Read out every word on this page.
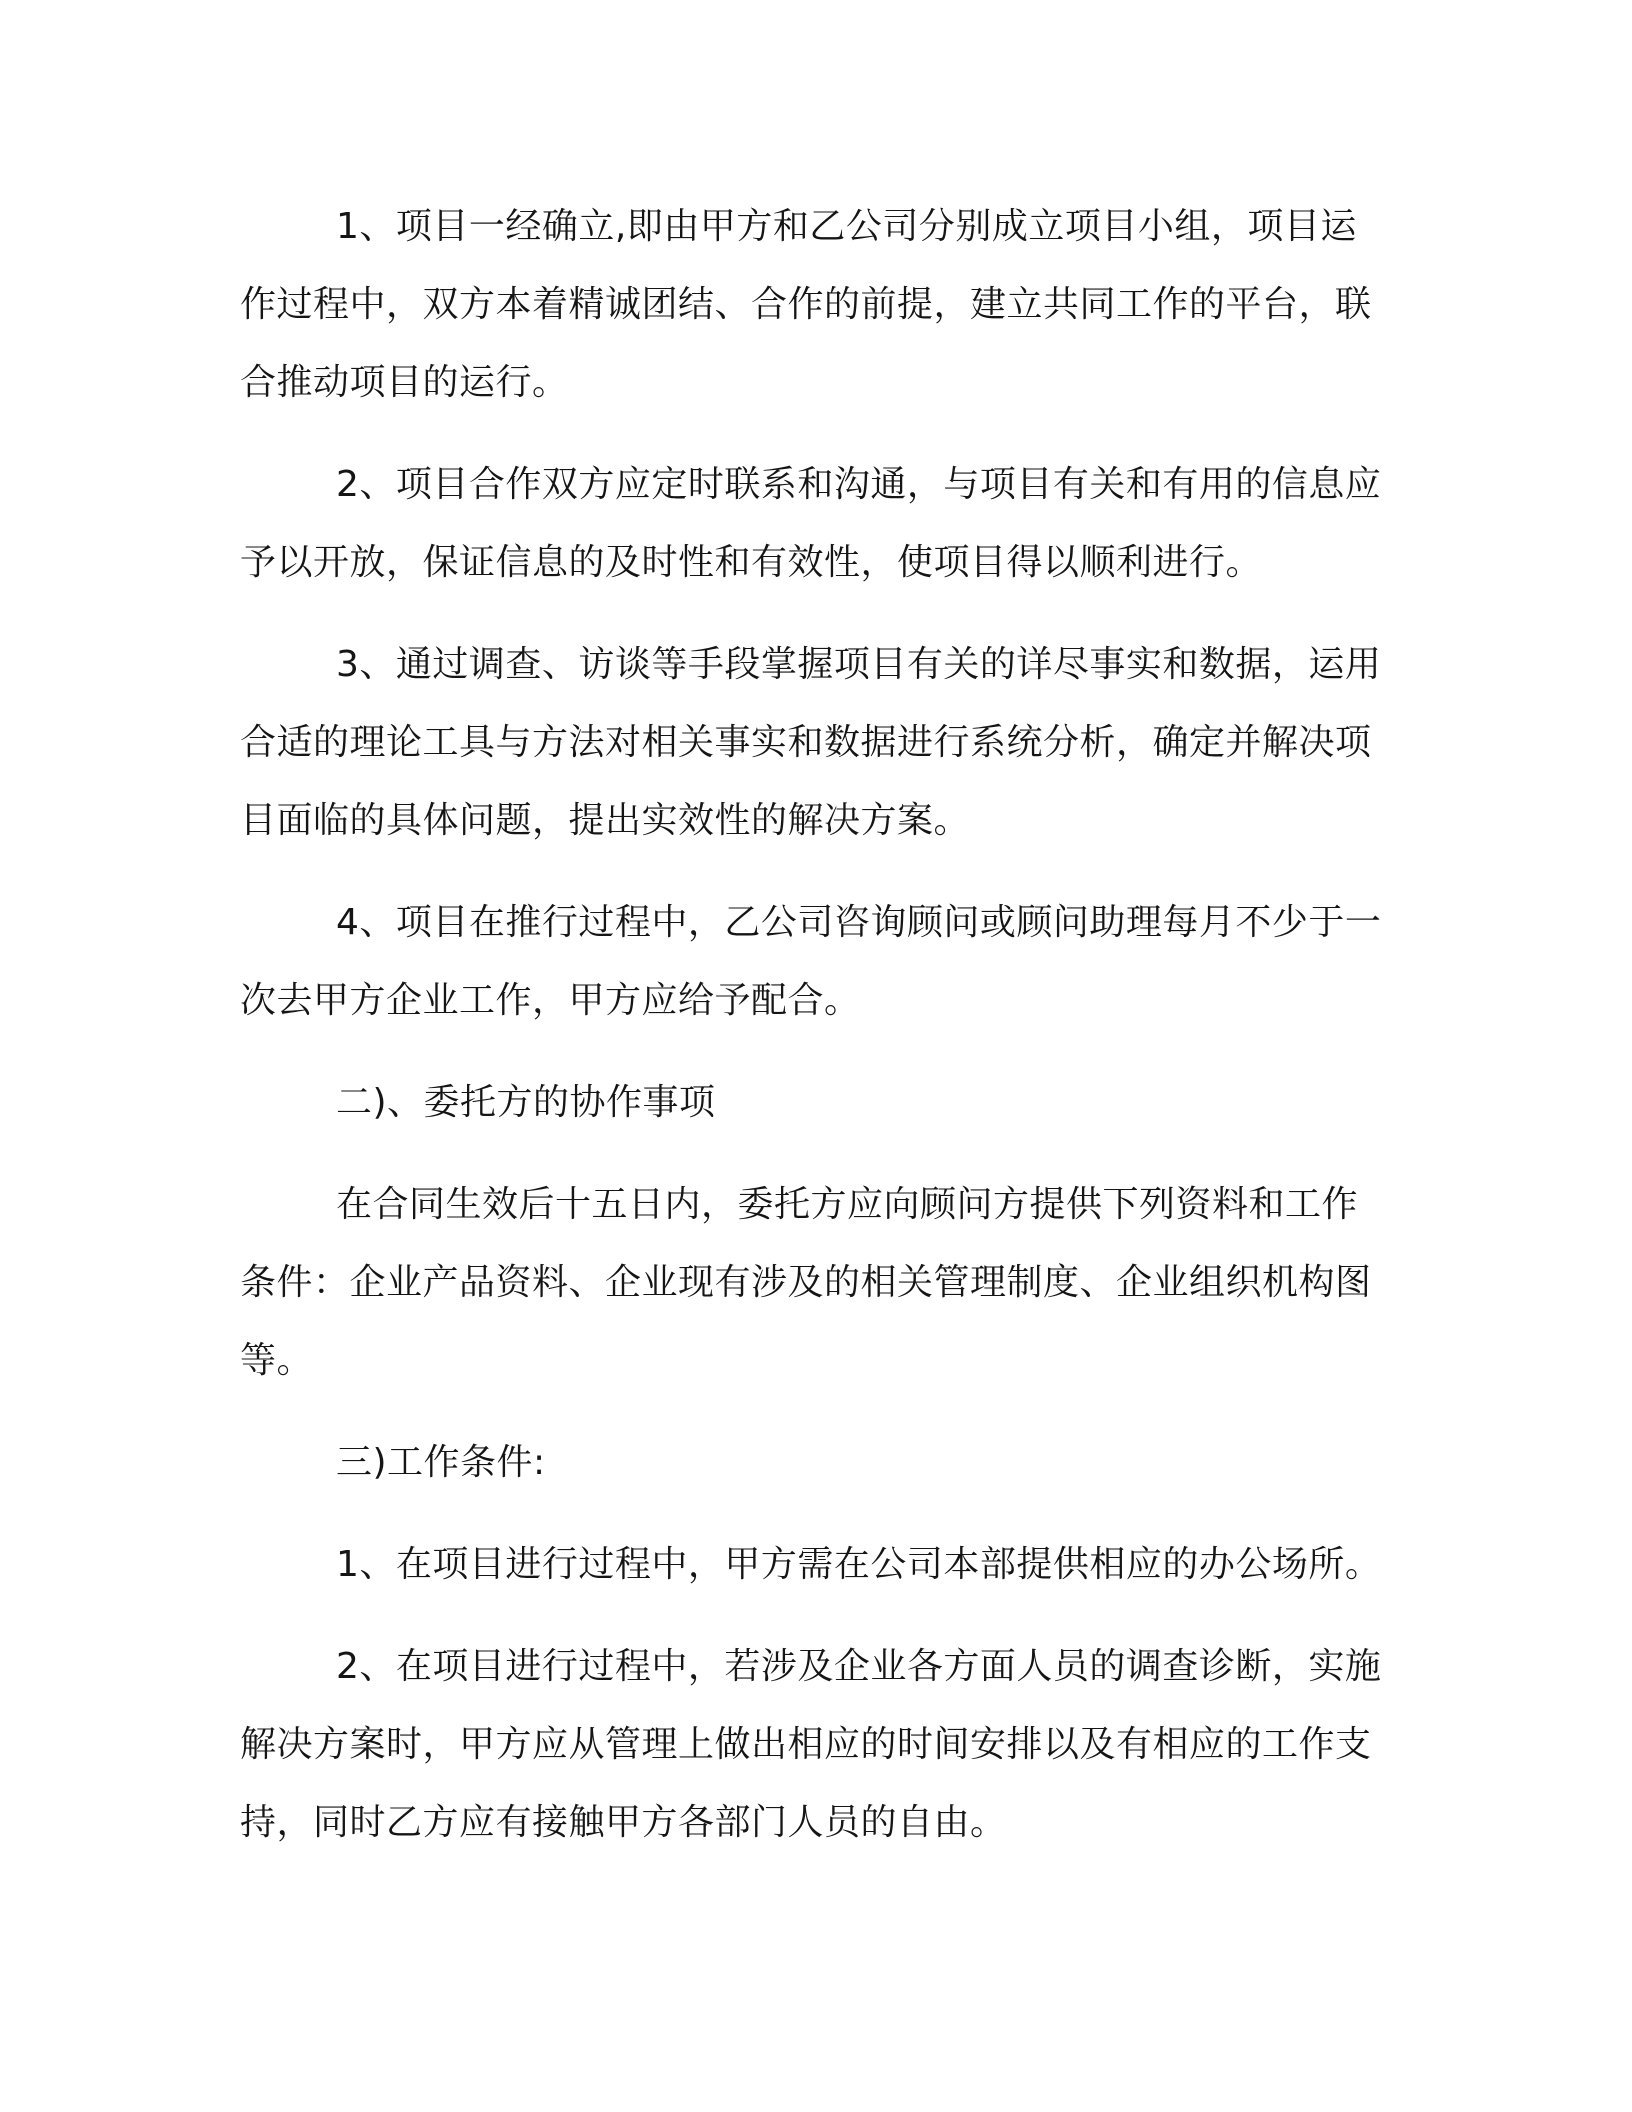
1、项目一经确立,即由甲方和乙公司分别成立项目小组，项目运作过程中，双方本着精诚团结、合作的前提，建立共同工作的平台，联合推动项目的运行。

2、项目合作双方应定时联系和沟通，与项目有关和有用的信息应予以开放，保证信息的及时性和有效性，使项目得以顺利进行。

3、通过调查、访谈等手段掌握项目有关的详尽事实和数据，运用合适的理论工具与方法对相关事实和数据进行系统分析，确定并解决项目面临的具体问题，提出实效性的解决方案。

4、项目在推行过程中，乙公司咨询顾问或顾问助理每月不少于一次去甲方企业工作，甲方应给予配合。

二)、委托方的协作事项

在合同生效后十五日内，委托方应向顾问方提供下列资料和工作条件：企业产品资料、企业现有涉及的相关管理制度、企业组织机构图等。

三)工作条件:

1、在项目进行过程中，甲方需在公司本部提供相应的办公场所。

2、在项目进行过程中，若涉及企业各方面人员的调查诊断，实施解决方案时，甲方应从管理上做出相应的时间安排以及有相应的工作支持，同时乙方应有接触甲方各部门人员的自由。
